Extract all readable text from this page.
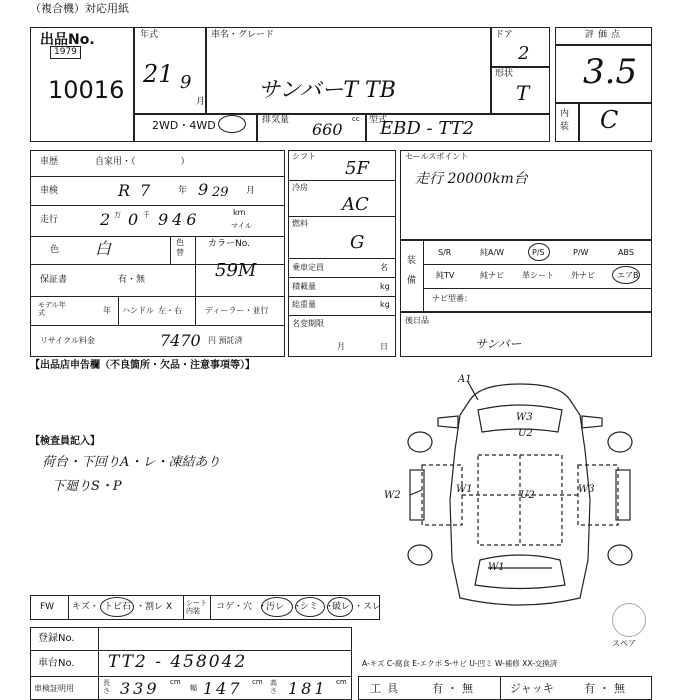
（複合機）対応用紙
出品No.
1979
10016
年式
21 9
月
車名・グレード
サンバーT TB
ドア
2
形状
T
2WD・4WD	排気量	cc
660	型式
EBD - TT2
評価点
3.5
内装 C
車歴	自家用・（　　　　　）
車検	R 7	年 9 29 月
走行	2 万 0 千 946	km
マイル
色 白	色替
カラーNo.
59M
保証書	有・無
モデル年式	年 ハンドル 左・右	ディーラー・並行
リサイクル料金	7470 円 預託済
シフト
5F
冷房
AC
燃料
G
乗車定員	名
積載量	kg
総重量	kg
名変期限
月	日
セールスポイント
走行 20000km台
装備
S/R	純A/W	P/S	P/W	ABS
純TV	純ナビ 革シート 外ナビ	エアB
ナビ型番：
後日品
サンバー
【出品店申告欄（不良箇所・欠品・注意事項等）】
【検査員記入】
荷台・下回りA・レ・凍結あり
下廻りS・P
A1
W3
U2
W1
U2
W3
W2
W1
スペア
FW キズ・ トビ石 ・割レ X シート内装	コゲ・穴 ・
汚レ ・
シミ ・
破レ ・スレ
登録No.
車台No. TT2 - 458042
車検証明用
長さ 339 cm
幅 147 cm 高さ 181 cm
A-キズ C-腐食 E-エクボ S-サビ U-凹ミ W-補修 XX-交換済
工具	有・無	ジャッキ	有・無
